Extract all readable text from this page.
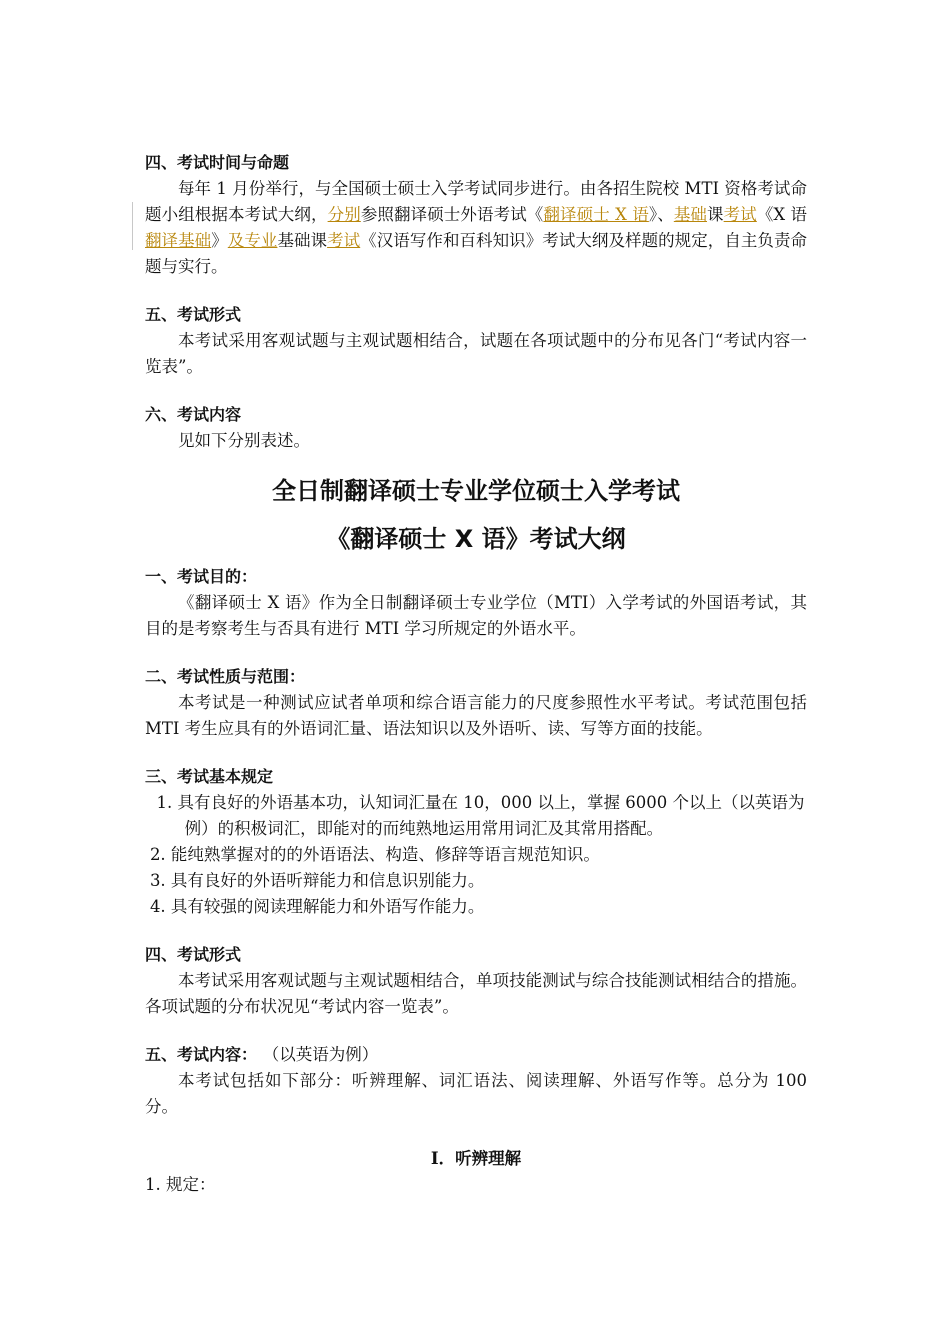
四、考试时间与命题
每年 1 月份举行，与全国硕士硕士入学考试同步进行。由各招生院校 MTI 资格考试命题小组根据本考试大纲，分别参照翻译硕士外语考试《翻译硕士 X 语》、基础课考试《X 语翻译基础》及专业基础课考试《汉语写作和百科知识》考试大纲及样题的规定，自主负责命题与实行。
五、考试形式
本考试采用客观试题与主观试题相结合，试题在各项试题中的分布见各门“考试内容一览表”。
六、考试内容
见如下分别表述。
全日制翻译硕士专业学位硕士入学考试
《翻译硕士 X 语》考试大纲
一、考试目的：
《翻译硕士 X 语》作为全日制翻译硕士专业学位（MTI）入学考试的外国语考试，其目的是考察考生与否具有进行 MTI 学习所规定的外语水平。
二、考试性质与范围：
本考试是一种测试应试者单项和综合语言能力的尺度参照性水平考试。考试范围包括 MTI 考生应具有的外语词汇量、语法知识以及外语听、读、写等方面的技能。
三、考试基本规定
1. 具有良好的外语基本功，认知词汇量在 10，000 以上，掌握 6000 个以上（以英语为例）的积极词汇，即能对的而纯熟地运用常用词汇及其常用搭配。
2. 能纯熟掌握对的的外语语法、构造、修辞等语言规范知识。
3. 具有良好的外语听辩能力和信息识别能力。
4. 具有较强的阅读理解能力和外语写作能力。
四、考试形式
本考试采用客观试题与主观试题相结合，单项技能测试与综合技能测试相结合的措施。各项试题的分布状况见“考试内容一览表”。
五、考试内容： （以英语为例）
本考试包括如下部分：听辨理解、词汇语法、阅读理解、外语写作等。总分为 100 分。
I．听辨理解
1. 规定：
